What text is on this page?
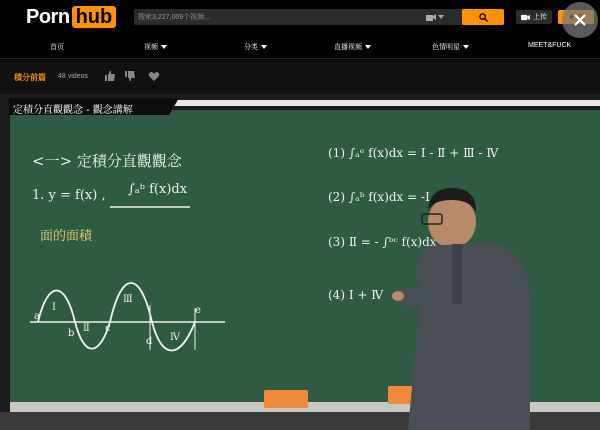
Porn hub
搜索3,227,009个视频...	上传
首页	视频	分类	直播视频	色情明星	MEET&FUCK
積分前篇 48 videos
<一> 定積分直觀觀念
1. y = f(x) , ∫ₐᵇ f(x)dx
面的面積
(1) ∫ₐᵉ f(x)dx = Ⅰ - Ⅱ + Ⅲ - Ⅳ
(2) ∫ₐᵇ f(x)dx = -Ⅰ
(3) Ⅱ = - ∫ᵇᶜ f(x)dx
(4) Ⅰ + Ⅳ
a
Ⅰ
b Ⅱ c
Ⅲ
d Ⅳ
e
定積分直觀觀念 - 觀念講解
